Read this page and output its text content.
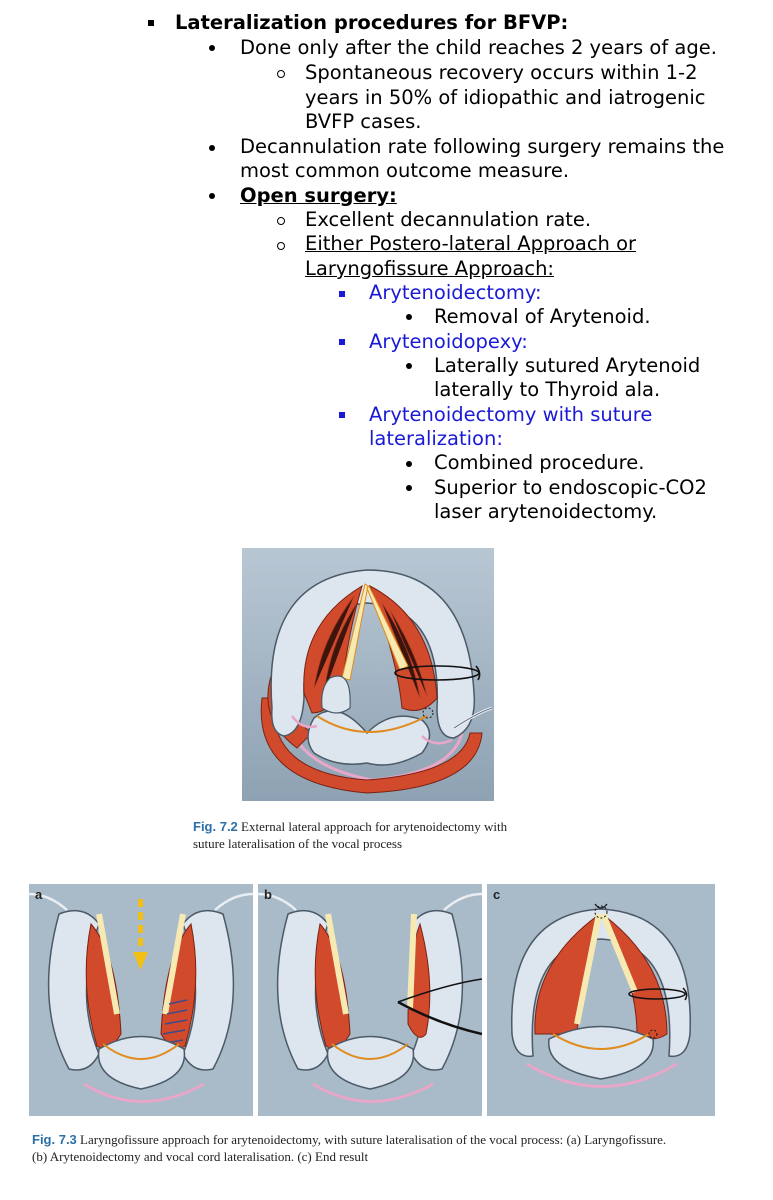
Lateralization procedures for BFVP:
Done only after the child reaches 2 years of age.
Spontaneous recovery occurs within 1-2
years in 50% of idiopathic and iatrogenic
BVFP cases.
Decannulation rate following surgery remains the
most common outcome measure.
Open surgery:
Excellent decannulation rate.
Either Postero-lateral Approach or
Laryngofissure Approach:
Arytenoidectomy:
Removal of Arytenoid.
Arytenoidopexy:
Laterally sutured Arytenoid
laterally to Thyroid ala.
Arytenoidectomy with suture
lateralization:
Combined procedure.
Superior to endoscopic-CO2
laser arytenoidectomy.
Fig. 7.2 External lateral approach for arytenoidectomy with
suture lateralisation of the vocal process
a	b	c
Fig. 7.3 Laryngofissure approach for arytenoidectomy, with suture lateralisation of the vocal process: (a) Laryngofissure.
(b) Arytenoidectomy and vocal cord lateralisation. (c) End result
